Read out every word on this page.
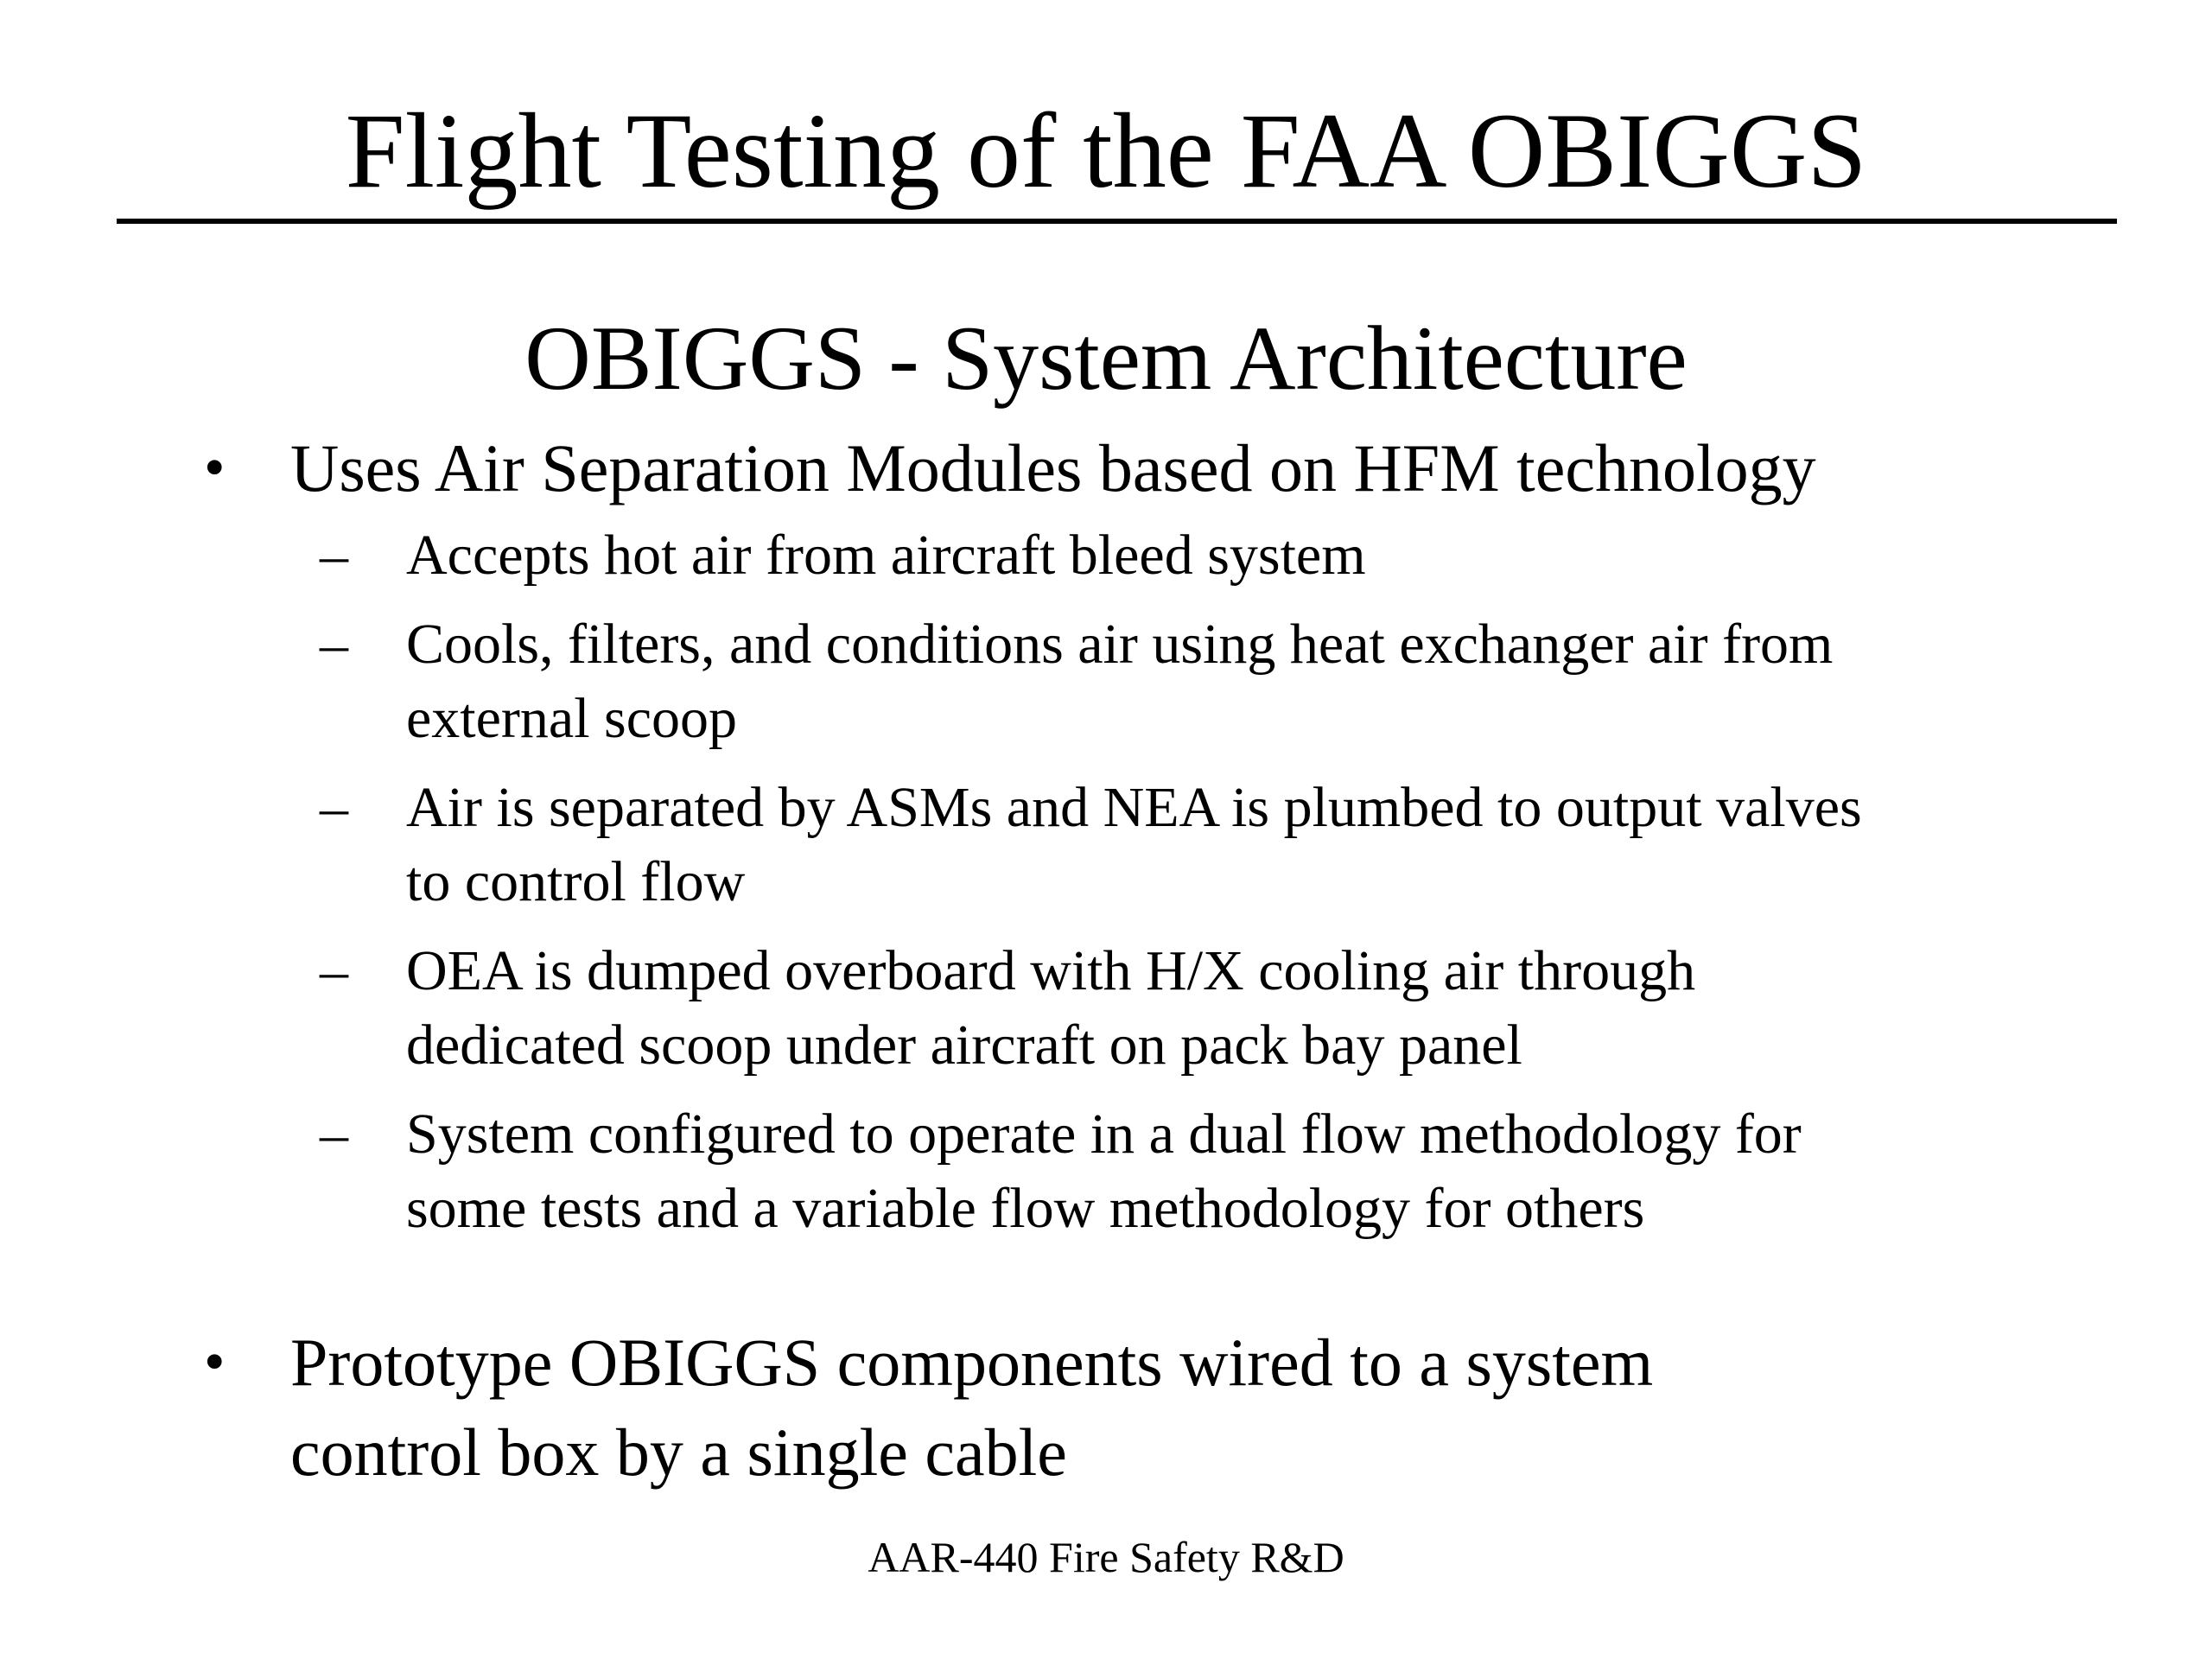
Flight Testing of the FAA OBIGGS
OBIGGS - System Architecture
• Uses Air Separation Modules based on HFM technology
–	Accepts hot air from aircraft bleed system
–	Cools, filters, and conditions air using heat exchanger air from
external scoop
–	Air is separated by ASMs and NEA is plumbed to output valves
to control flow
–	OEA is dumped overboard with H/X cooling air through
dedicated scoop under aircraft on pack bay panel
–	System configured to operate in a dual flow methodology for
some tests and a variable flow methodology for others
• Prototype OBIGGS components wired to a system
control box by a single cable
AAR-440 Fire Safety R&D
